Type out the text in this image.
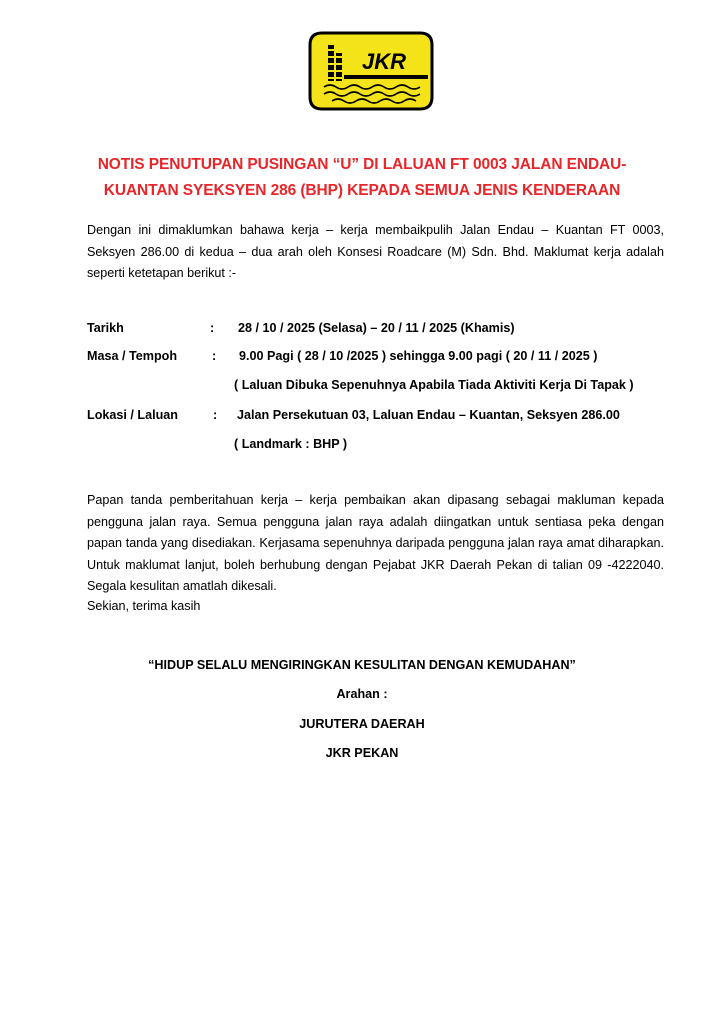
JKR
NOTIS PENUTUPAN PUSINGAN “U” DI LALUAN FT 0003 JALAN ENDAU-
KUANTAN SYEKSYEN 286 (BHP) KEPADA SEMUA JENIS KENDERAAN
Dengan ini dimaklumkan bahawa kerja – kerja membaikpulih Jalan Endau – Kuantan FT 0003, Seksyen 286.00 di kedua – dua arah oleh Konsesi Roadcare (M) Sdn. Bhd. Maklumat kerja adalah seperti ketetapan berikut :-
Tarikh	: 28 / 10 / 2025 (Selasa) – 20 / 11 / 2025 (Khamis)
Masa / Tempoh	: 9.00 Pagi ( 28 / 10 /2025 ) sehingga 9.00 pagi ( 20 / 11 / 2025 )
( Laluan Dibuka Sepenuhnya Apabila Tiada Aktiviti Kerja Di Tapak )
Lokasi / Laluan	: Jalan Persekutuan 03, Laluan Endau – Kuantan, Seksyen 286.00
( Landmark : BHP )
Papan tanda pemberitahuan kerja – kerja pembaikan akan dipasang sebagai makluman kepada pengguna jalan raya. Semua pengguna jalan raya adalah diingatkan untuk sentiasa peka dengan papan tanda yang disediakan. Kerjasama sepenuhnya daripada pengguna jalan raya amat diharapkan. Untuk maklumat lanjut, boleh berhubung dengan Pejabat JKR Daerah Pekan di talian 09 -4222040. Segala kesulitan amatlah dikesali.
Sekian, terima kasih
“HIDUP SELALU MENGIRINGKAN KESULITAN DENGAN KEMUDAHAN”
Arahan :
JURUTERA DAERAH
JKR PEKAN
